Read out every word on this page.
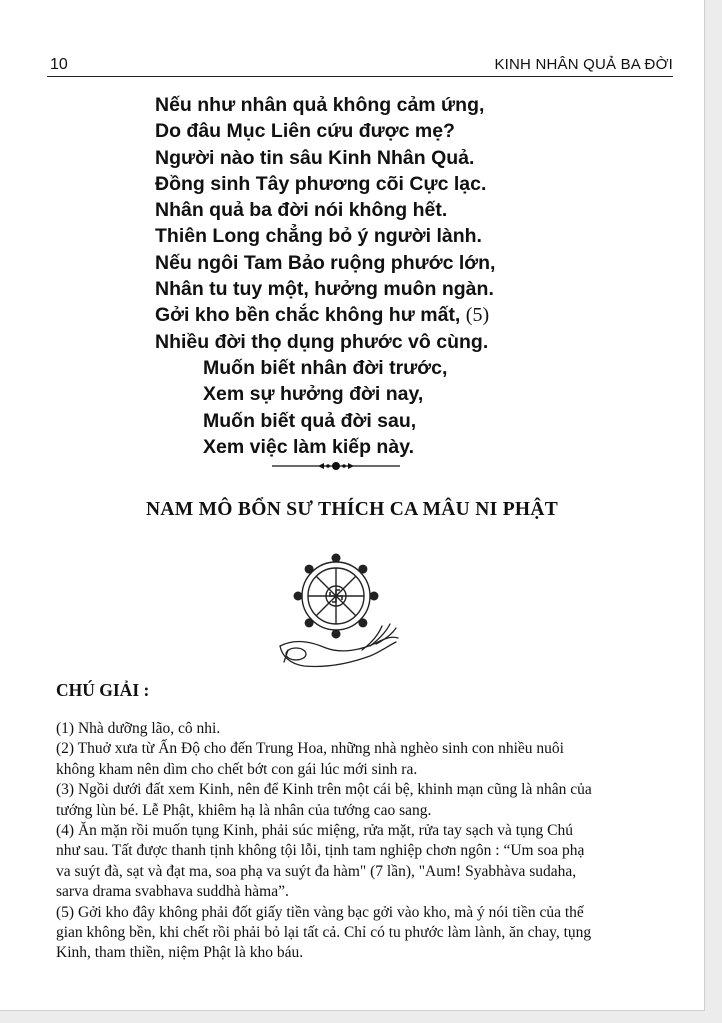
10	KINH NHÂN QUẢ BA ĐỜI
Nếu như nhân quả không cảm ứng,
Do đâu Mục Liên cứu được mẹ?
Người nào tin sâu Kinh Nhân Quả.
Đồng sinh Tây phương cõi Cực lạc.
Nhân quả ba đời nói không hết.
Thiên Long chẳng bỏ ý người lành.
Nếu ngôi Tam Bảo ruộng phước lớn,
Nhân tu tuy một, hưởng muôn ngàn.
Gởi kho bền chắc không hư mất, (5)
Nhiều đời thọ dụng phước vô cùng.
Muốn biết nhân đời trước,
Xem sự hưởng đời nay,
Muốn biết quả đời sau,
Xem việc làm kiếp này.
NAM MÔ BỔN SƯ THÍCH CA MÂU NI PHẬT
CHÚ GIẢI :
(1) Nhà dưỡng lão, cô nhi.
(2) Thuở xưa từ Ấn Độ cho đến Trung Hoa, những nhà nghèo sinh con nhiều nuôi
không kham nên dìm cho chết bớt con gái lúc mới sinh ra.
(3) Ngồi dưới đất xem Kinh, nên để Kinh trên một cái bệ, khinh mạn cũng là nhân của
tướng lùn bé. Lễ Phật, khiêm hạ là nhân của tướng cao sang.
(4) Ăn mặn rồi muốn tụng Kinh, phải súc miệng, rửa mặt, rửa tay sạch và tụng Chú
như sau. Tất được thanh tịnh không tội lỗi, tịnh tam nghiệp chơn ngôn : “Um soa phạ
va suýt đà, sạt và đạt ma, soa phạ va suýt đa hàm" (7 lần), "Aum! Syabhàva sudaha,
sarva drama svabhava suddhà hàma”.
(5) Gởi kho đây không phải đốt giấy tiền vàng bạc gởi vào kho, mà ý nói tiền của thế
gian không bền, khi chết rồi phải bỏ lại tất cả. Chỉ có tu phước làm lành, ăn chay, tụng
Kinh, tham thiền, niệm Phật là kho báu.
